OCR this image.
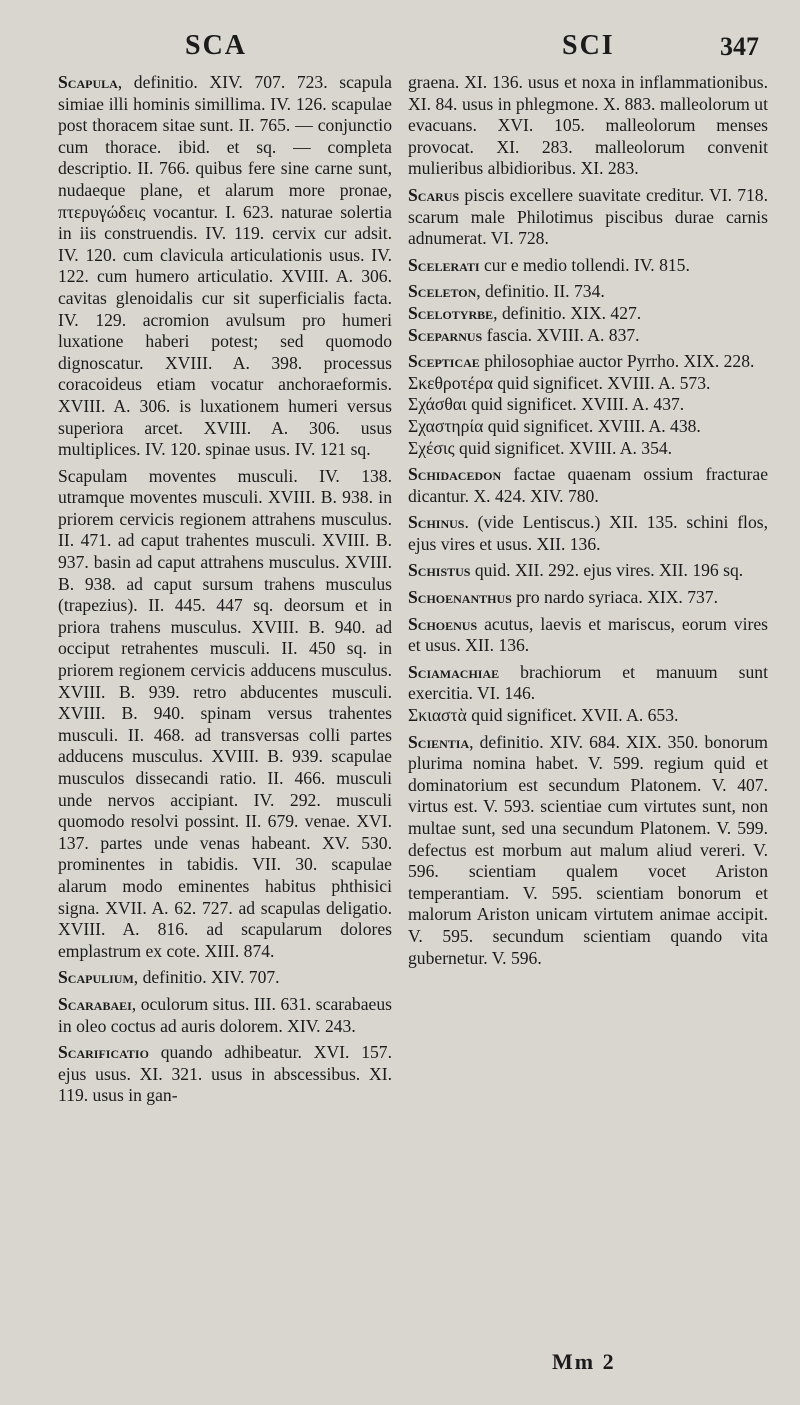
SCA	SCI	347

Scapula, definitio. XIV. 707. 723. scapula simiae illi hominis simillima. IV. 126. scapulae post thoracem sitae sunt. II. 765. — conjunctio cum thorace. ibid. et sq. — completa descriptio. II. 766. quibus fere sine carne sunt, nudaeque plane, et alarum more pronae, πτερυγώδεις vocantur. I. 623. naturae solertia in iis construendis. IV. 119. cervix cur adsit. IV. 120. cum clavicula articulationis usus. IV. 122. cum humero articulatio. XVIII. A. 306. cavitas glenoidalis cur sit superficialis facta. IV. 129. acromion avulsum pro humeri luxatione haberi potest; sed quomodo dignoscatur. XVIII. A. 398. processus coracoideus etiam vocatur anchoraeformis. XVIII. A. 306. is luxationem humeri versus superiora arcet. XVIII. A. 306. usus multiplices. IV. 120. spinae usus. IV. 121 sq.

Scapulam moventes musculi. IV. 138. utramque moventes musculi. XVIII. B. 938. in priorem cervicis regionem attrahens musculus. II. 471. ad caput trahentes musculi. XVIII. B. 937. basin ad caput attrahens musculus. XVIII. B. 938. ad caput sursum trahens musculus (trapezius). II. 445. 447 sq. deorsum et in priora trahens musculus. XVIII. B. 940. ad occiput retrahentes musculi. II. 450 sq. in priorem regionem cervicis adducens musculus. XVIII. B. 939. retro abducentes musculi. XVIII. B. 940. spinam versus trahentes musculi. II. 468. ad transversas colli partes adducens musculus. XVIII. B. 939. scapulae musculos dissecandi ratio. II. 466. musculi unde nervos accipiant. IV. 292. musculi quomodo resolvi possint. II. 679. venae. XVI. 137. partes unde venas habeant. XV. 530. prominentes in tabidis. VII. 30. scapulae alarum modo eminentes habitus phthisici signa. XVII. A. 62. 727. ad scapulas deligatio. XVIII. A. 816. ad scapularum dolores emplastrum ex cote. XIII. 874.

Scapulium, definitio. XIV. 707.

Scarabaei, oculorum situs. III. 631. scarabaeus in oleo coctus ad auris dolorem. XIV. 243.

Scarificatio quando adhibeatur. XVI. 157. ejus usus. XI. 321. usus in abscessibus. XI. 119. usus in gan-

graena. XI. 136. usus et noxa in inflammationibus. XI. 84. usus in phlegmone. X. 883. malleolorum ut evacuans. XVI. 105. malleolorum menses provocat. XI. 283. malleolorum convenit mulieribus albidioribus. XI. 283.

Scarus piscis excellere suavitate creditur. VI. 718. scarum male Philotimus piscibus durae carnis adnumerat. VI. 728.

Scelerati cur e medio tollendi. IV. 815.

Sceleton, definitio. II. 734.

Scelotyrbe, definitio. XIX. 427.

Sceparnus fascia. XVIII. A. 837.

Scepticae philosophiae auctor Pyrrho. XIX. 228.

Σκεθροτέρα quid significet. XVIII. A. 573.

Σχάσθαι quid significet. XVIII. A. 437.

Σχαστηρία quid significet. XVIII. A. 438.

Σχέσις quid significet. XVIII. A. 354.

Schidacedon factae quaenam ossium fracturae dicantur. X. 424. XIV. 780.

Schinus. (vide Lentiscus.) XII. 135. schini flos, ejus vires et usus. XII. 136.

Schistus quid. XII. 292. ejus vires. XII. 196 sq.

Schoenanthus pro nardo syriaca. XIX. 737.

Schoenus acutus, laevis et mariscus, eorum vires et usus. XII. 136.

Sciamachiae brachiorum et manuum sunt exercitia. VI. 146.

Σκιαστὰ quid significet. XVII. A. 653.

Scientia, definitio. XIV. 684. XIX. 350. bonorum plurima nomina habet. V. 599. regium quid et dominatorium est secundum Platonem. V. 407. virtus est. V. 593. scientiae cum virtutes sunt, non multae sunt, sed una secundum Platonem. V. 599. defectus est morbum aut malum aliud vereri. V. 596. scientiam qualem vocet Ariston temperantiam. V. 595. scientiam bonorum et malorum Ariston unicam virtutem animae accipit. V. 595. secundum scientiam quando vita gubernetur. V. 596.

Mm 2
